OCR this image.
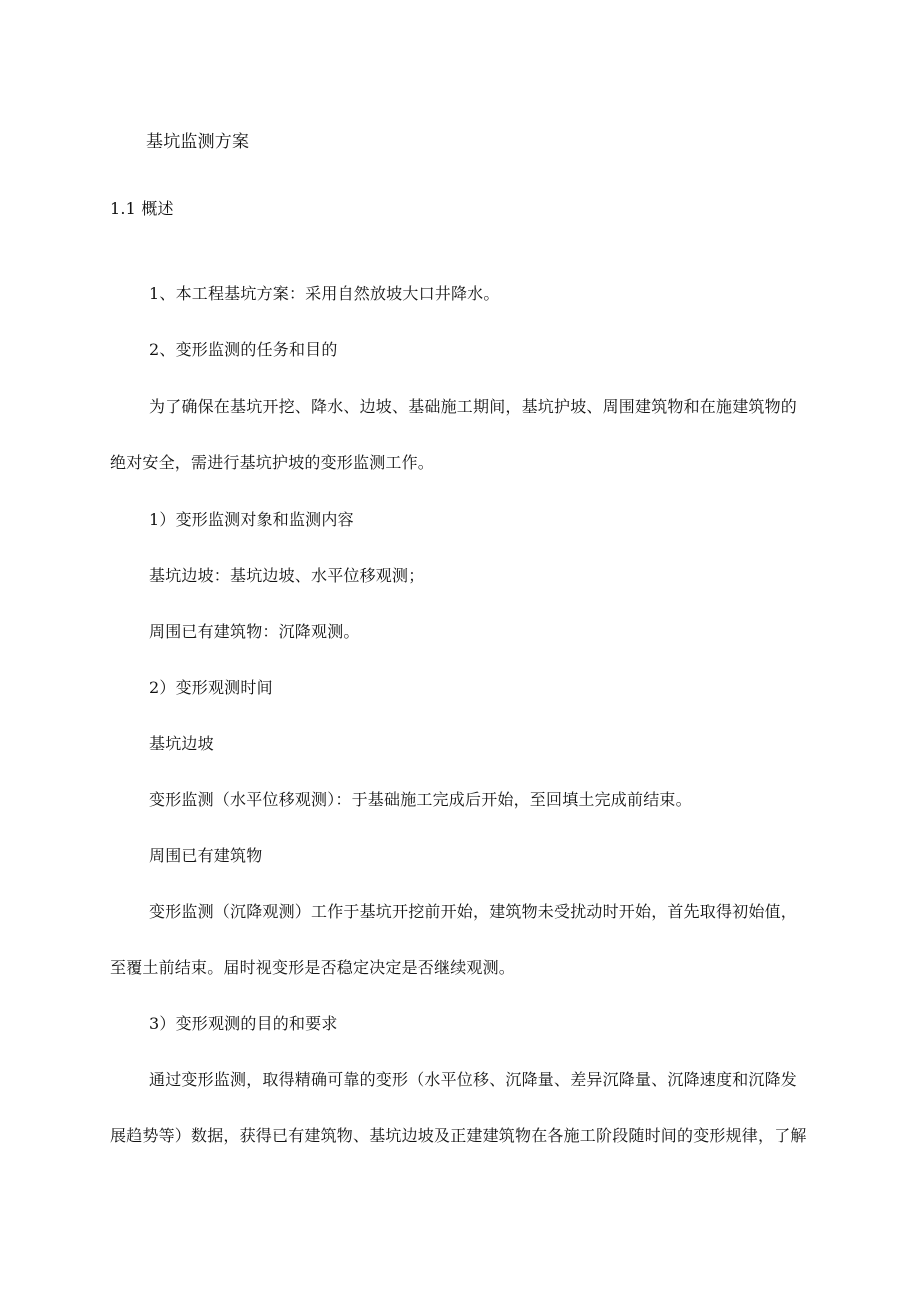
基坑监测方案
1.1 概述
1、本工程基坑方案：采用自然放坡大口井降水。
2、变形监测的任务和目的
为了确保在基坑开挖、降水、边坡、基础施工期间，基坑护坡、周围建筑物和在施建筑物的
绝对安全，需进行基坑护坡的变形监测工作。
1）变形监测对象和监测内容
基坑边坡：基坑边坡、水平位移观测；
周围已有建筑物：沉降观测。
2）变形观测时间
基坑边坡
变形监测（水平位移观测）：于基础施工完成后开始，至回填土完成前结束。
周围已有建筑物
变形监测（沉降观测）工作于基坑开挖前开始，建筑物未受扰动时开始，首先取得初始值，
至覆土前结束。届时视变形是否稳定决定是否继续观测。
3）变形观测的目的和要求
通过变形监测，取得精确可靠的变形（水平位移、沉降量、差异沉降量、沉降速度和沉降发
展趋势等）数据，获得已有建筑物、基坑边坡及正建建筑物在各施工阶段随时间的变形规律，了解
